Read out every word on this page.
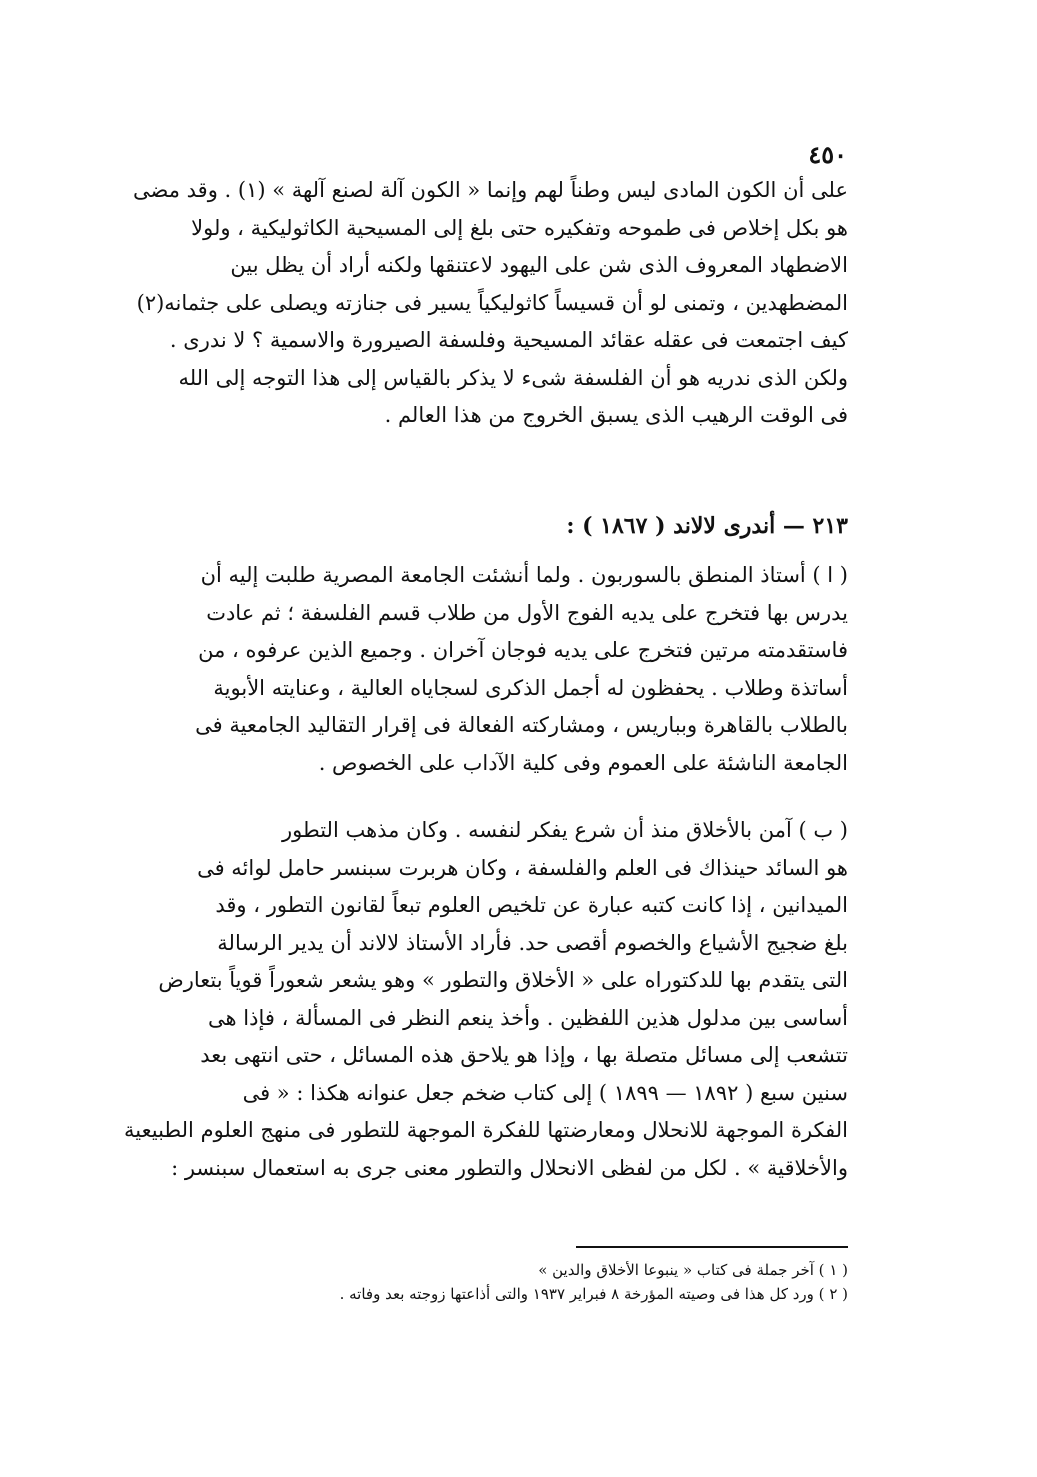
٤٥٠
على أن الكون المادى ليس وطناً لهم وإنما « الكون آلة لصنع آلهة » (١) . وقد مضى
هو بكل إخلاص فى طموحه وتفكيره حتى بلغ إلى المسيحية الكاثوليكية ، ولولا
الاضطهاد المعروف الذى شن على اليهود لاعتنقها ولكنه أراد أن يظل بين
المضطهدين ، وتمنى لو أن قسيساً كاثوليكياً يسير فى جنازته ويصلى على جثمانه(٢)
كيف اجتمعت فى عقله عقائد المسيحية وفلسفة الصيرورة والاسمية ؟ لا ندرى .
ولكن الذى ندريه هو أن الفلسفة شىء لا يذكر بالقياس إلى هذا التوجه إلى الله
فى الوقت الرهيب الذى يسبق الخروج من هذا العالم .
٢١٣ — أندرى لالاند ( ١٨٦٧ ) :
( ا ) أستاذ المنطق بالسوربون . ولما أنشئت الجامعة المصرية طلبت إليه أن
يدرس بها فتخرج على يديه الفوج الأول من طلاب قسم الفلسفة ؛ ثم عادت
فاستقدمته مرتين فتخرج على يديه فوجان آخران . وجميع الذين عرفوه ، من
أساتذة وطلاب . يحفظون له أجمل الذكرى لسجاياه العالية ، وعنايته الأبوية
بالطلاب بالقاهرة وبباريس ، ومشاركته الفعالة فى إقرار التقاليد الجامعية فى
الجامعة الناشئة على العموم وفى كلية الآداب على الخصوص .
( ب ) آمن بالأخلاق منذ أن شرع يفكر لنفسه . وكان مذهب التطور
هو السائد حينذاك فى العلم والفلسفة ، وكان هربرت سبنسر حامل لوائه فى
الميدانين ، إذا كانت كتبه عبارة عن تلخيص العلوم تبعاً لقانون التطور ، وقد
بلغ ضجيج الأشياع والخصوم أقصى حد. فأراد الأستاذ لالاند أن يدير الرسالة
التى يتقدم بها للدكتوراه على « الأخلاق والتطور » وهو يشعر شعوراً قوياً بتعارض
أساسى بين مدلول هذين اللفظين . وأخذ ينعم النظر فى المسألة ، فإذا هى
تتشعب إلى مسائل متصلة بها ، وإذا هو يلاحق هذه المسائل ، حتى انتهى بعد
سنين سبع ( ١٨٩٢ — ١٨٩٩ ) إلى كتاب ضخم جعل عنوانه هكذا : « فى
الفكرة الموجهة للانحلال ومعارضتها للفكرة الموجهة للتطور فى منهج العلوم الطبيعية
والأخلاقية » . لكل من لفظى الانحلال والتطور معنى جرى به استعمال سبنسر :
( ١ ) آخر جملة فى كتاب « ينبوعا الأخلاق والدين »
( ٢ ) ورد كل هذا فى وصيته المؤرخة ٨ فبراير ١٩٣٧ والتى أذاعتها زوجته بعد وفاته .
